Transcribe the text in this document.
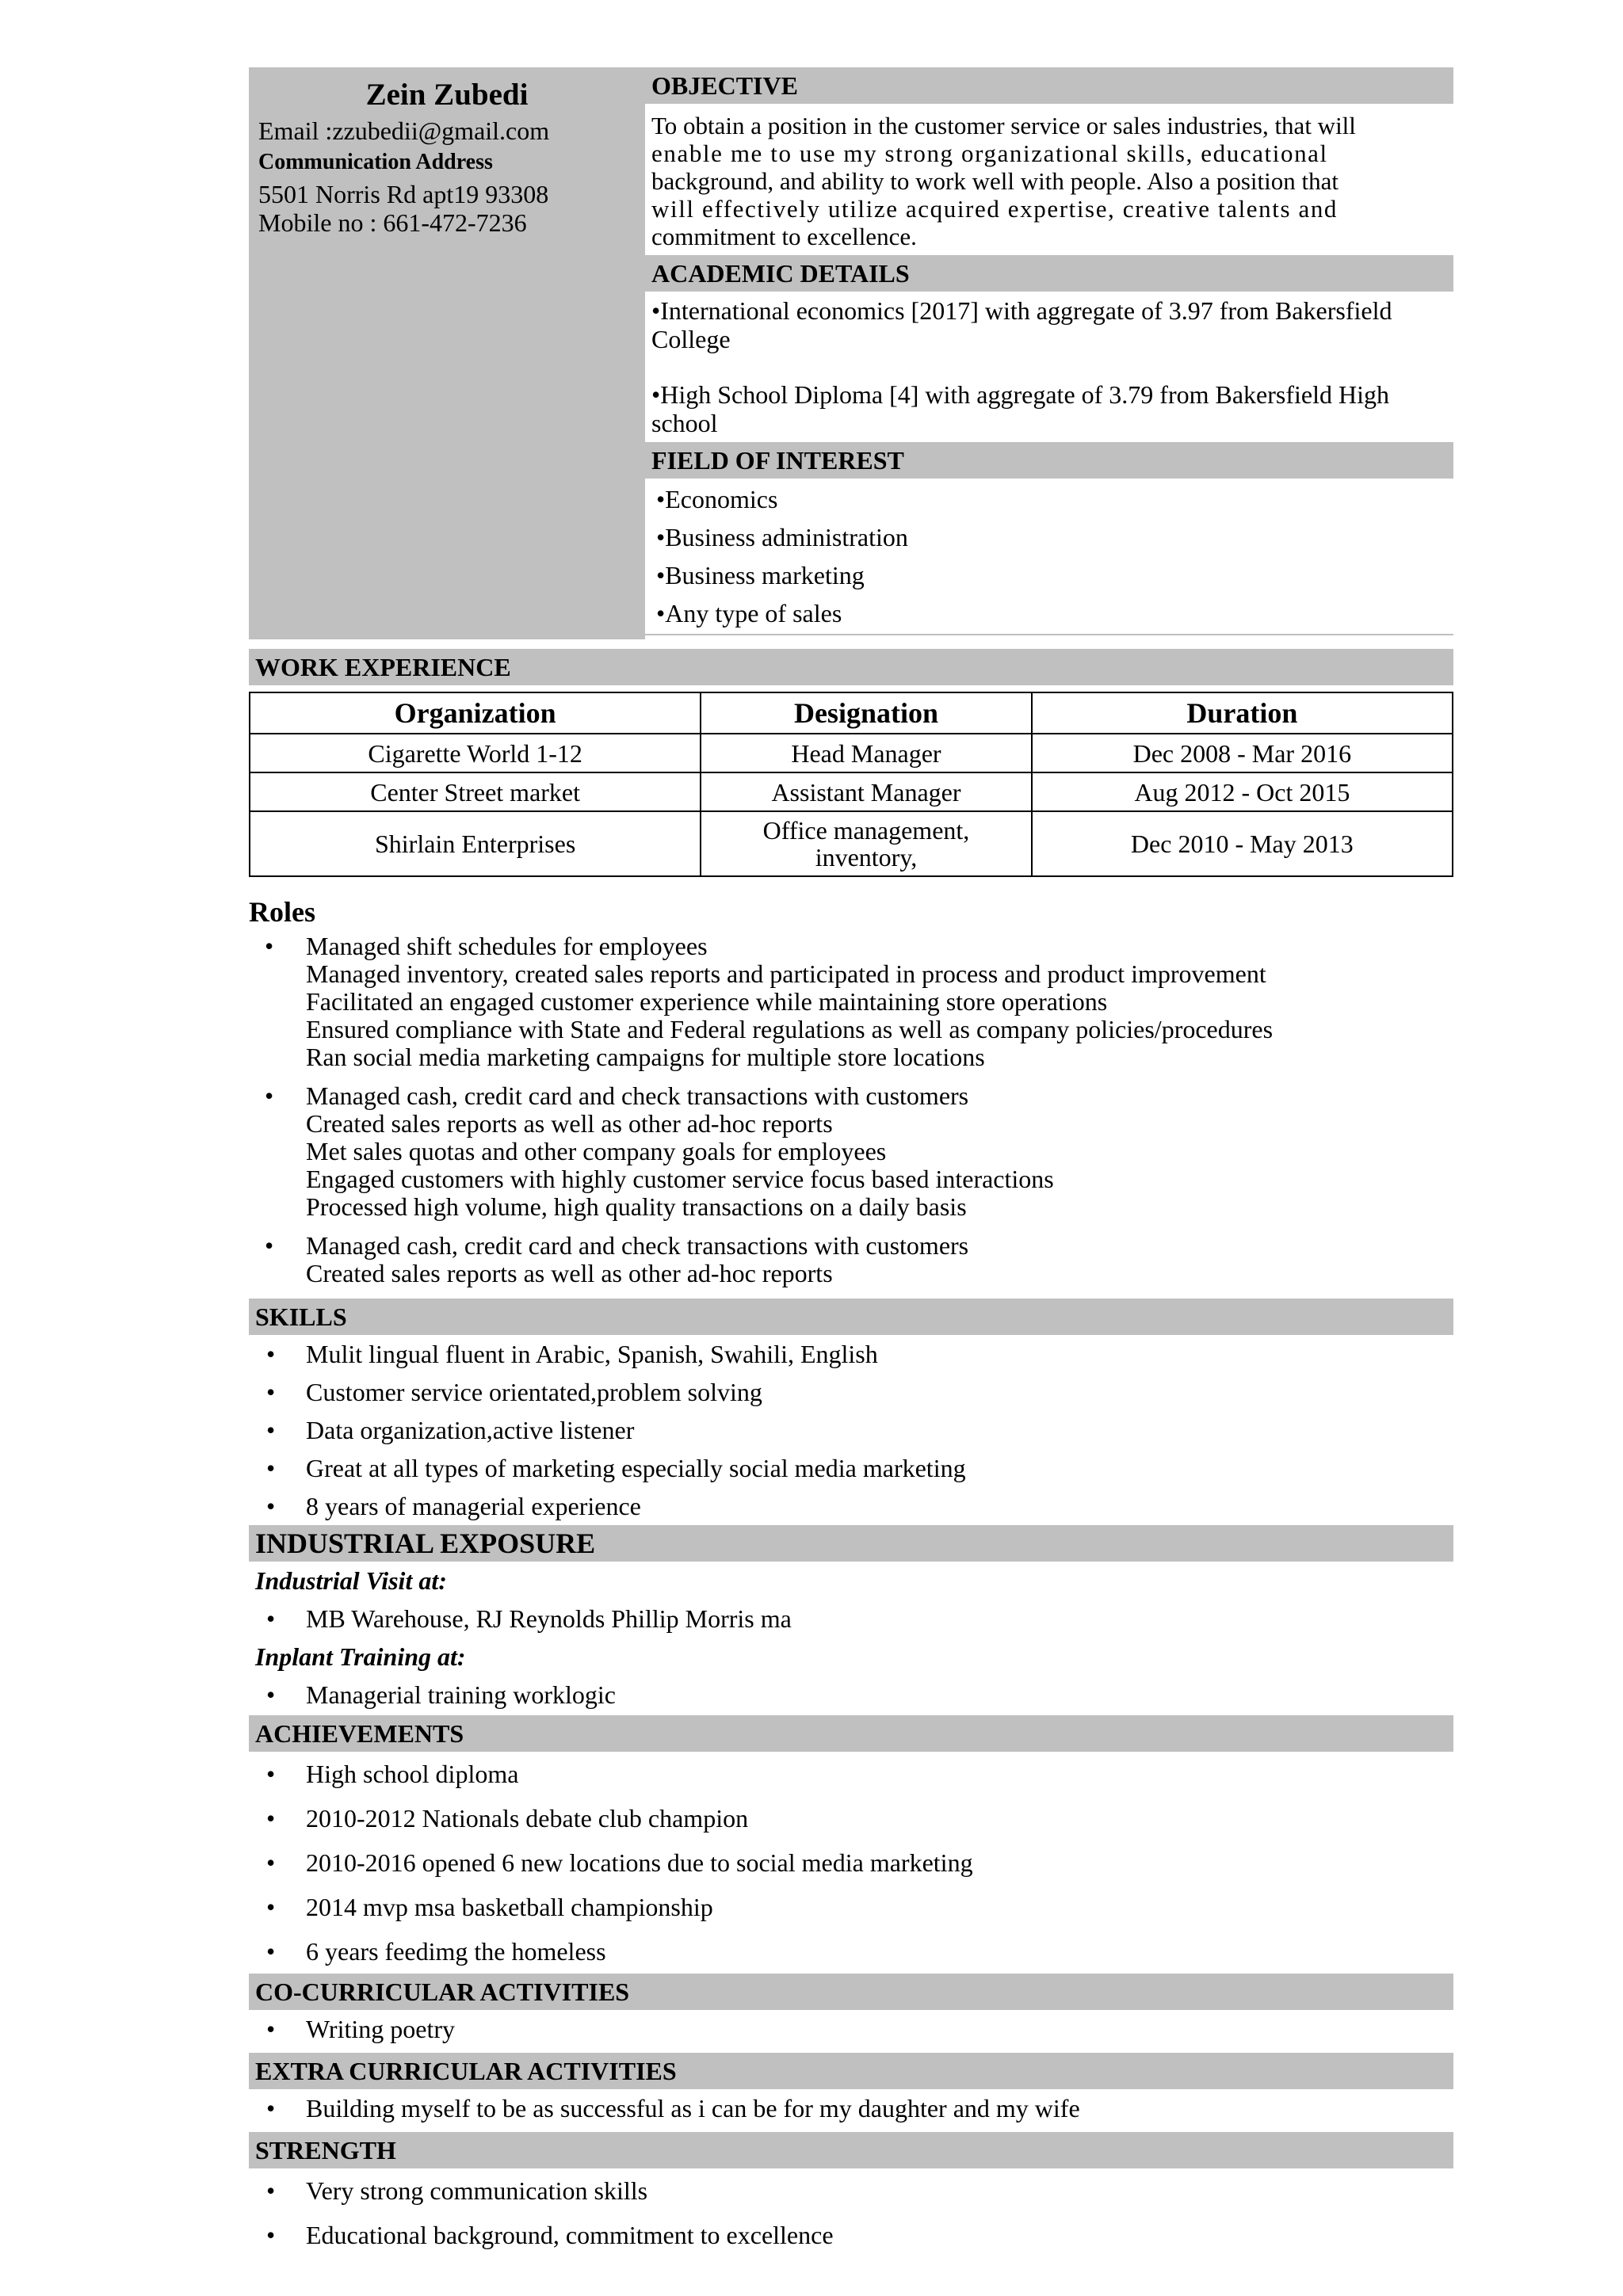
Zein Zubedi
Email :zzubedii@gmail.com
Communication Address
5501 Norris Rd apt19 93308
Mobile no : 661-472-7236
OBJECTIVE
To obtain a position in the customer service or sales industries, that will
enable me to use my strong organizational skills, educational
background, and ability to work well with people. Also a position that
will effectively utilize acquired expertise, creative talents and
commitment to excellence.
ACADEMIC DETAILS

•International economics [2017] with aggregate of 3.97 from Bakersfield College

•High School Diploma [4] with aggregate of 3.79 from Bakersfield High school

FIELD OF INTEREST
•Economics
•Business administration
•Business marketing
•Any type of sales
WORK EXPERIENCE
Organization	Designation	Duration
Cigarette World 1-12	Head Manager	Dec 2008 - Mar 2016
Center Street market	Assistant Manager	Aug 2012 - Oct 2015
Shirlain Enterprises	Office management, inventory,	Dec 2010 - May 2013
Roles
• Managed shift schedules for employees
Managed inventory, created sales reports and participated in process and product improvement
Facilitated an engaged customer experience while maintaining store operations
Ensured compliance with State and Federal regulations as well as company policies/procedures
Ran social media marketing campaigns for multiple store locations
• Managed cash, credit card and check transactions with customers
Created sales reports as well as other ad-hoc reports
Met sales quotas and other company goals for employees
Engaged customers with highly customer service focus based interactions
Processed high volume, high quality transactions on a daily basis
• Managed cash, credit card and check transactions with customers
Created sales reports as well as other ad-hoc reports
SKILLS
• Mulit lingual fluent in Arabic, Spanish, Swahili, English
• Customer service orientated,problem solving
• Data organization,active listener
• Great at all types of marketing especially social media marketing
• 8 years of managerial experience
INDUSTRIAL EXPOSURE
Industrial Visit at:
• MB Warehouse, RJ Reynolds Phillip Morris ma
Inplant Training at:
• Managerial training worklogic
ACHIEVEMENTS
• High school diploma
• 2010-2012 Nationals debate club champion
• 2010-2016 opened 6 new locations due to social media marketing
• 2014 mvp msa basketball championship
• 6 years feedimg the homeless
CO-CURRICULAR ACTIVITIES
• Writing poetry
EXTRA CURRICULAR ACTIVITIES
• Building myself to be as successful as i can be for my daughter and my wife
STRENGTH
• Very strong communication skills
• Educational background, commitment to excellence
